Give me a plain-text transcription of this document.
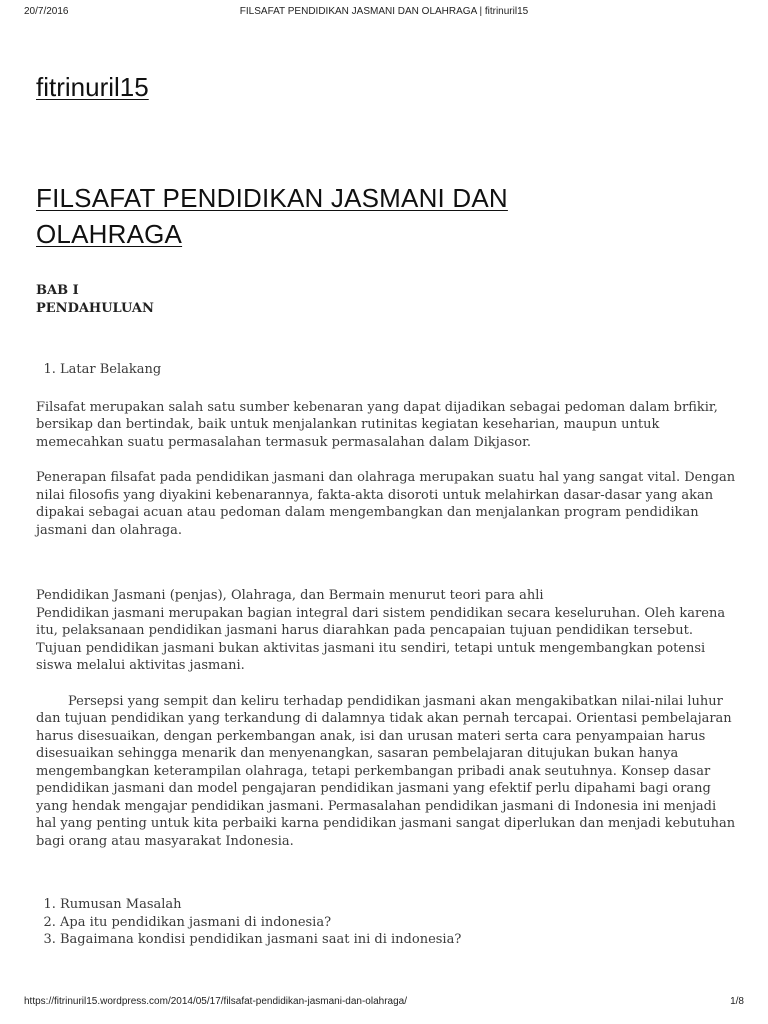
20/7/2016	FILSAFAT PENDIDIKAN JASMANI DAN OLAHRAGA | fitrinuril15
fitrinuril15
FILSAFAT PENDIDIKAN JASMANI DAN OLAHRAGA

BAB I

PENDAHULUAN

1. Latar Belakang

Filsafat merupakan salah satu sumber kebenaran yang dapat dijadikan sebagai pedoman dalam brfikir, bersikap dan bertindak, baik untuk menjalankan rutinitas kegiatan keseharian, maupun untuk memecahkan suatu permasalahan termasuk permasalahan dalam Dikjasor.

Penerapan filsafat pada pendidikan jasmani dan olahraga merupakan suatu hal yang sangat vital. Dengan nilai filosofis yang diyakini kebenarannya, fakta-akta disoroti untuk melahirkan dasar-dasar yang akan dipakai sebagai acuan atau pedoman dalam mengembangkan dan menjalankan program pendidikan jasmani dan olahraga.

Pendidikan Jasmani (penjas), Olahraga, dan Bermain menurut teori para ahli

Pendidikan jasmani merupakan bagian integral dari sistem pendidikan secara keseluruhan. Oleh karena itu, pelaksanaan pendidikan jasmani harus diarahkan pada pencapaian tujuan pendidikan tersebut. Tujuan pendidikan jasmani bukan aktivitas jasmani itu sendiri, tetapi untuk mengembangkan potensi siswa melalui aktivitas jasmani.

Persepsi yang sempit dan keliru terhadap pendidikan jasmani akan mengakibatkan nilai-nilai luhur dan tujuan pendidikan yang terkandung di dalamnya tidak akan pernah tercapai. Orientasi pembelajaran harus disesuaikan, dengan perkembangan anak, isi dan urusan materi serta cara penyampaian harus disesuaikan sehingga menarik dan menyenangkan, sasaran pembelajaran ditujukan bukan hanya mengembangkan keterampilan olahraga, tetapi perkembangan pribadi anak seutuhnya. Konsep dasar pendidikan jasmani dan model pengajaran pendidikan jasmani yang efektif perlu dipahami bagi orang yang hendak mengajar pendidikan jasmani. Permasalahan pendidikan jasmani di Indonesia ini menjadi hal yang penting untuk kita perbaiki karna pendidikan jasmani sangat diperlukan dan menjadi kebutuhan bagi orang atau masyarakat Indonesia.

1. Rumusan Masalah
2. Apa itu pendidikan jasmani di indonesia?
3. Bagaimana kondisi pendidikan jasmani saat ini di indonesia?
https://fitrinuril15.wordpress.com/2014/05/17/filsafat-pendidikan-jasmani-dan-olahraga/	1/8
